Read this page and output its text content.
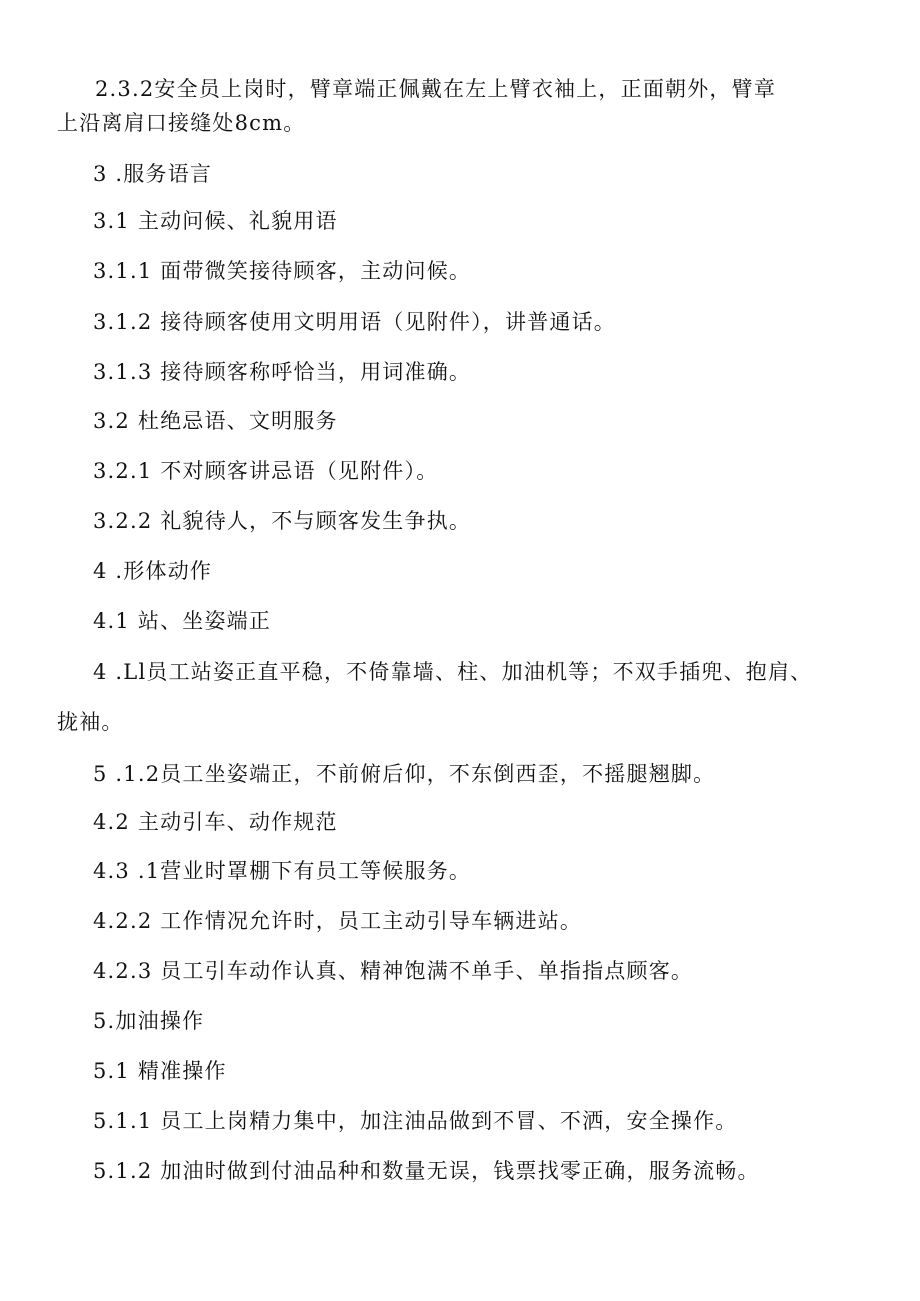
2.3.2安全员上岗时，臂章端正佩戴在左上臂衣袖上，正面朝外，臂章
上沿离肩口接缝处8cm。
3 .服务语言
3.1 主动问候、礼貌用语
3.1.1 面带微笑接待顾客，主动问候。
3.1.2 接待顾客使用文明用语（见附件），讲普通话。
3.1.3 接待顾客称呼恰当，用词准确。
3.2 杜绝忌语、文明服务
3.2.1 不对顾客讲忌语（见附件）。
3.2.2 礼貌待人，不与顾客发生争执。
4 .形体动作
4.1 站、坐姿端正
4 .Ll员工站姿正直平稳，不倚靠墙、柱、加油机等；不双手插兜、抱肩、
拢袖。
5 .1.2员工坐姿端正，不前俯后仰，不东倒西歪，不摇腿翘脚。
4.2 主动引车、动作规范
4.3 .1营业时罩棚下有员工等候服务。
4.2.2 工作情况允许时，员工主动引导车辆进站。
4.2.3 员工引车动作认真、精神饱满不单手、单指指点顾客。
5.加油操作
5.1 精准操作
5.1.1 员工上岗精力集中，加注油品做到不冒、不洒，安全操作。
5.1.2 加油时做到付油品种和数量无误，钱票找零正确，服务流畅。
